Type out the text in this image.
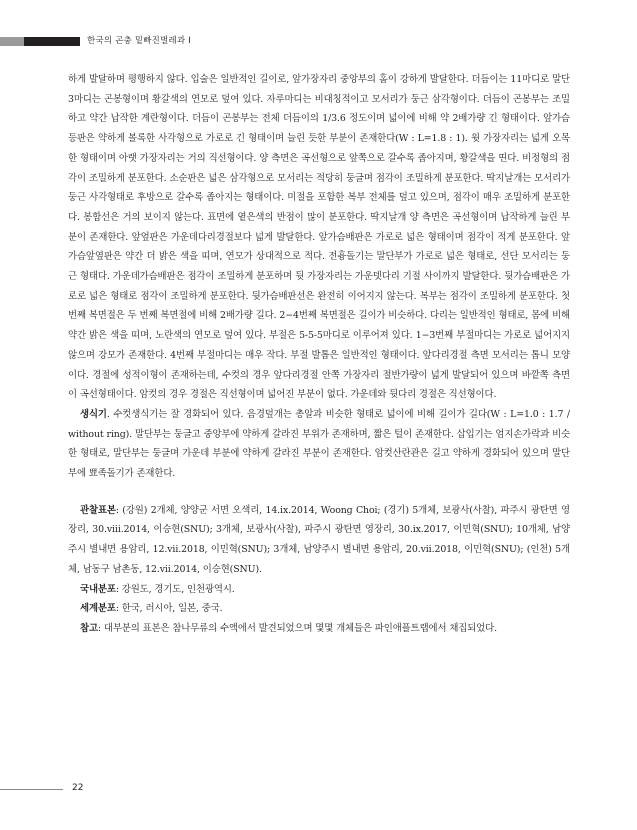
한국의 곤충 밑빠진벌레과 I

하게 발달하며 평행하지 않다. 입술은 일반적인 길이로, 앞가장자리 중앙부의 홈이 강하게 발달한다. 더듬이는 11마디로 말단 3마디는 곤봉형이며 황갈색의 연모로 덮여 있다. 자루마디는 비대칭적이고 모서리가 둥근 삼각형이다. 더듬이 곤봉부는 조밀하고 약간 납작한 계란형이다. 더듬이 곤봉부는 전체 더듬이의 1/3.6 정도이며 넓이에 비해 약 2배가량 긴 형태이다. 앞가슴등판은 약하게 볼록한 사각형으로 가로로 긴 형태이며 늘린 듯한 부분이 존재한다(W : L=1.8 : 1). 윗 가장자리는 넓게 오목한 형태이며 아랫 가장자리는 거의 직선형이다. 양 측면은 곡선형으로 앞쪽으로 갈수록 좁아지며, 황갈색을 띤다. 비정형의 점각이 조밀하게 분포한다. 소순판은 넓은 삼각형으로 모서리는 적당히 둥글며 점각이 조밀하게 분포한다. 딱지날개는 모서리가 둥근 사각형태로 후방으로 갈수록 좁아지는 형태이다. 미절을 포함한 복부 전체를 덮고 있으며, 점각이 매우 조밀하게 분포한다. 봉합선은 거의 보이지 않는다. 표면에 옅은색의 반점이 많이 분포한다. 딱지날개 양 측면은 곡선형이며 납작하게 늘린 부분이 존재한다. 앞엎판은 가운데다리경절보다 넓게 발달한다. 앞가슴배판은 가로로 넓은 형태이며 점각이 적게 분포한다. 앞가슴앞옆판은 약간 더 밝은 색을 띠며, 연모가 상대적으로 적다. 전흉돌기는 말단부가 가로로 넓은 형태로, 선단 모서리는 둥근 형태다. 가운데가슴배판은 점각이 조밀하게 분포하며 뒷 가장자리는 가운뎃다리 기절 사이까지 발달한다. 뒷가슴배판은 가로로 넓은 형태로 점각이 조밀하게 분포한다. 뒷가슴배판선은 완전히 이어지지 않는다. 복부는 점각이 조밀하게 분포한다. 첫 번째 복면절은 두 번째 복면절에 비해 2배가량 길다. 2−4번째 복면절은 길이가 비슷하다. 다리는 일반적인 형태로, 몸에 비해 약간 밝은 색을 띠며, 노란색의 연모로 덮여 있다. 부절은 5-5-5마디로 이루어져 있다. 1−3번째 부절마디는 가로로 넓어지지 않으며 강모가 존재한다. 4번째 부절마디는 매우 작다. 부절 발톱은 일반적인 형태이다. 앞다리경절 측면 모서리는 톱니 모양이다. 경절에 성적이형이 존재하는데, 수컷의 경우 앞다리경절 안쪽 가장자리 절반가량이 넓게 발달되어 있으며 바깥쪽 측면이 곡선형태이다. 암컷의 경우 경절은 직선형이며 넓어진 부분이 없다. 가운데와 뒷다리 경절은 직선형이다.

생식기. 수컷생식기는 잘 경화되어 있다. 음경덮개는 총알과 비슷한 형태로 넓이에 비해 길이가 길다(W : L=1.0 : 1.7 / without ring). 말단부는 둥글고 중앙부에 약하게 갈라진 부위가 존재하며, 짧은 털이 존재한다. 삽입기는 엄지손가락과 비슷한 형태로, 말단부는 둥글며 가운데 부분에 약하게 갈라진 부분이 존재한다. 암컷산란관은 길고 약하게 경화되어 있으며 말단부에 뾰족돌기가 존재한다.

관찰표본: (강원) 2개체, 양양군 서면 오색리, 14.ix.2014, Woong Choi; (경기) 5개체, 보광사(사찰), 파주시 광탄면 영장리, 30.viii.2014, 이승현(SNU); 3개체, 보광사(사찰), 파주시 광탄면 영장리, 30.ix.2017, 이민혁(SNU); 10개체, 남양주시 별내면 용암리, 12.vii.2018, 이민혁(SNU); 3개체, 남양주시 별내면 용암리, 20.vii.2018, 이민혁(SNU); (인천) 5개체, 남동구 남촌동, 12.vii.2014, 이승현(SNU).

국내분포: 강원도, 경기도, 인천광역시.

세계분포: 한국, 러시아, 일본, 중국.

참고: 대부분의 표본은 참나무류의 수액에서 발견되었으며 몇몇 개체들은 파인애플트랩에서 채집되었다.

22
